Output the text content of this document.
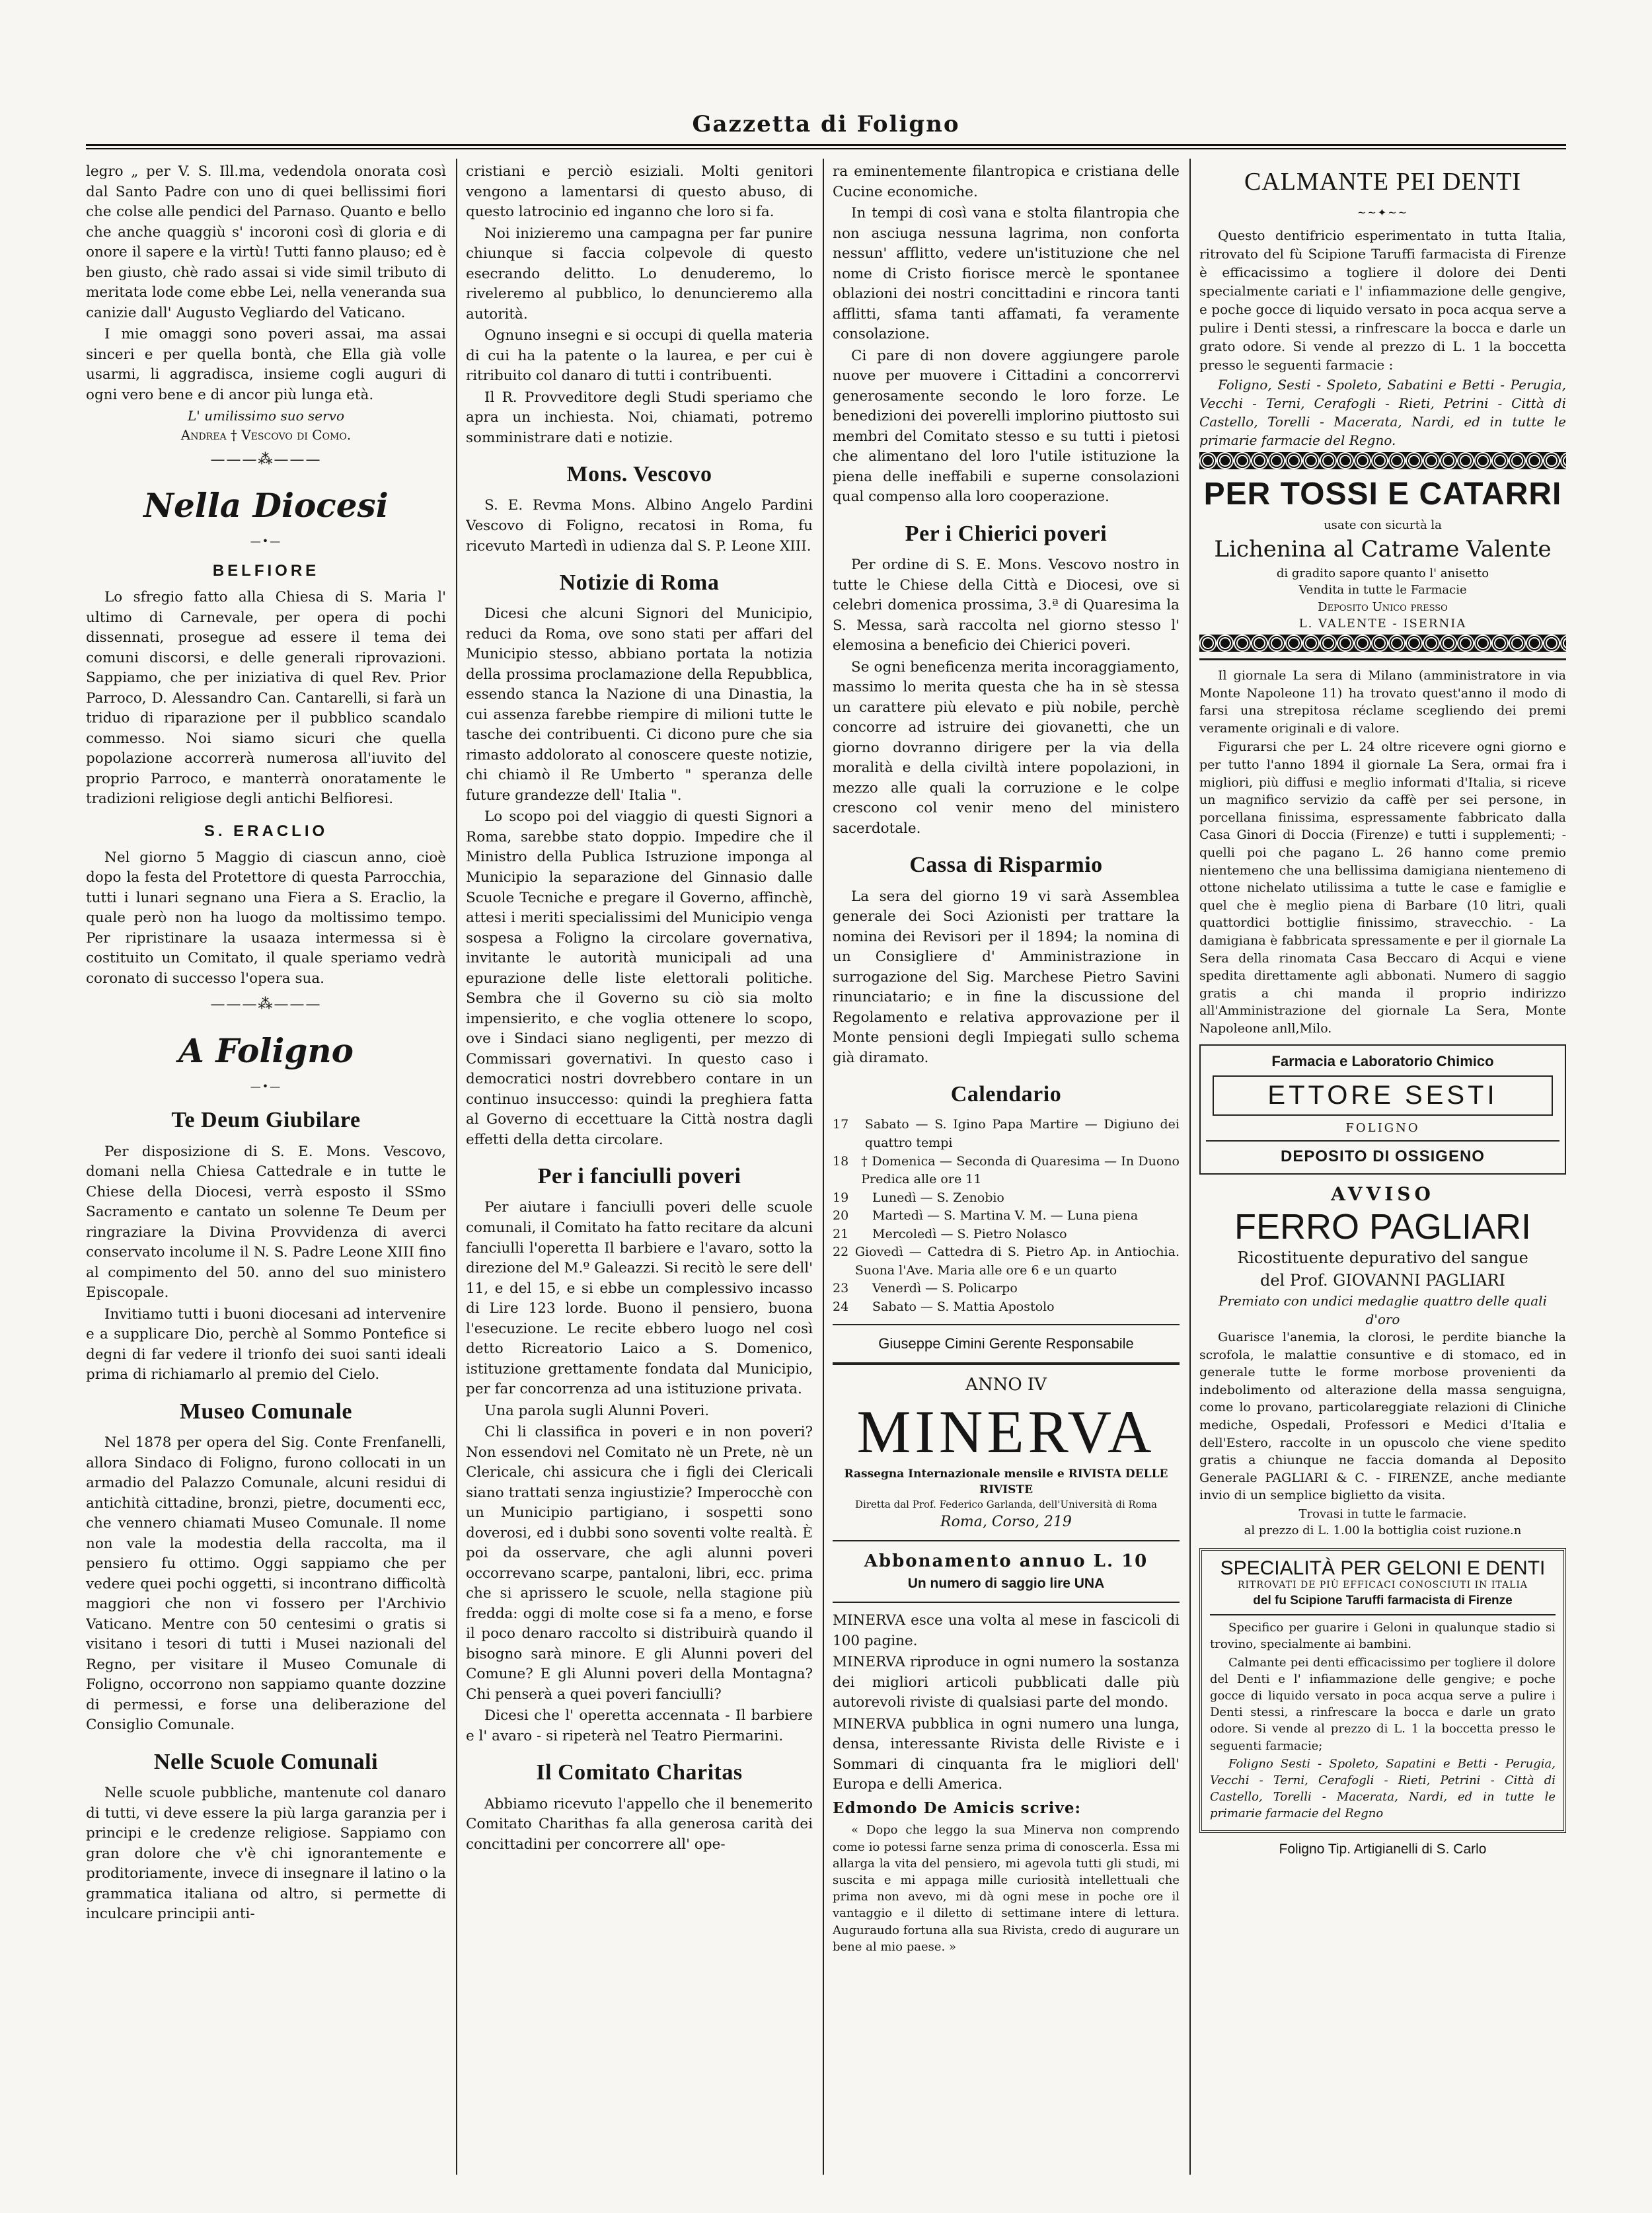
Gazzetta di Foligno

legro „ per V. S. Ill.ma, vedendola onorata così dal Santo Padre con uno di quei bellissimi fiori che colse alle pendici del Parnaso. Quanto e bello che anche quaggiù s' incoroni così di gloria e di onore il sapere e la virtù! Tutti fanno plauso; ed è ben giusto, chè rado assai si vide simil tributo di meritata lode come ebbe Lei, nella veneranda sua canizie dall' Augusto Vegliardo del Vaticano.

I mie omaggi sono poveri assai, ma assai sinceri e per quella bontà, che Ella già volle usarmi, li aggradisca, insieme cogli auguri di ogni vero bene e di ancor più lunga età.

L' umilissimo suo servo
Andrea † Vescovo di Como.
———⁂———
Nella Diocesi
—•—
BELFIORE

Lo sfregio fatto alla Chiesa di S. Maria l' ultimo di Carnevale, per opera di pochi dissennati, prosegue ad essere il tema dei comuni discorsi, e delle generali riprovazioni. Sappiamo, che per iniziativa di quel Rev. Prior Parroco, D. Alessandro Can. Cantarelli, si farà un triduo di riparazione per il pubblico scandalo commesso. Noi siamo sicuri che quella popolazione accorrerà numerosa all'iuvito del proprio Parroco, e manterrà onoratamente le tradizioni religiose degli antichi Belfioresi.

S. ERACLIO

Nel giorno 5 Maggio di ciascun anno, cioè dopo la festa del Protettore di questa Parrocchia, tutti i lunari segnano una Fiera a S. Eraclio, la quale però non ha luogo da moltissimo tempo. Per ripristinare la usaaza intermessa si è costituito un Comitato, il quale speriamo vedrà coronato di successo l'opera sua.

———⁂———
A Foligno
—•—
Te Deum Giubilare

Per disposizione di S. E. Mons. Vescovo, domani nella Chiesa Cattedrale e in tutte le Chiese della Diocesi, verrà esposto il SSmo Sacramento e cantato un solenne Te Deum per ringraziare la Divina Provvidenza di averci conservato incolume il N. S. Padre Leone XIII fino al compimento del 50. anno del suo ministero Episcopale.

Invitiamo tutti i buoni diocesani ad intervenire e a supplicare Dio, perchè al Sommo Pontefice si degni di far vedere il trionfo dei suoi santi ideali prima di richiamarlo al premio del Cielo.

Museo Comunale

Nel 1878 per opera del Sig. Conte Frenfanelli, allora Sindaco di Foligno, furono collocati in un armadio del Palazzo Comunale, alcuni residui di antichità cittadine, bronzi, pietre, documenti ecc, che vennero chiamati Museo Comunale. Il nome non vale la modestia della raccolta, ma il pensiero fu ottimo. Oggi sappiamo che per vedere quei pochi oggetti, si incontrano difficoltà maggiori che non vi fossero per l'Archivio Vaticano. Mentre con 50 centesimi o gratis si visitano i tesori di tutti i Musei nazionali del Regno, per visitare il Museo Comunale di Foligno, occorrono non sappiamo quante dozzine di permessi, e forse una deliberazione del Consiglio Comunale.

Nelle Scuole Comunali

Nelle scuole pubbliche, mantenute col danaro di tutti, vi deve essere la più larga garanzia per i principi e le credenze religiose. Sappiamo con gran dolore che v'è chi ignorantemente e proditoriamente, invece di insegnare il latino o la grammatica italiana od altro, si permette di inculcare principii anti-

cristiani e perciò esiziali. Molti genitori vengono a lamentarsi di questo abuso, di questo latrocinio ed inganno che loro si fa.

Noi inizieremo una campagna per far punire chiunque si faccia colpevole di questo esecrando delitto. Lo denuderemo, lo riveleremo al pubblico, lo denuncieremo alla autorità.

Ognuno insegni e si occupi di quella materia di cui ha la patente o la laurea, e per cui è ritribuito col danaro di tutti i contribuenti.

Il R. Provveditore degli Studi speriamo che apra un inchiesta. Noi, chiamati, potremo somministrare dati e notizie.

Mons. Vescovo

S. E. Revma Mons. Albino Angelo Pardini Vescovo di Foligno, recatosi in Roma, fu ricevuto Martedì in udienza dal S. P. Leone XIII.

Notizie di Roma

Dicesi che alcuni Signori del Municipio, reduci da Roma, ove sono stati per affari del Municipio stesso, abbiano portata la notizia della prossima proclamazione della Repubblica, essendo stanca la Nazione di una Dinastia, la cui assenza farebbe riempire di milioni tutte le tasche dei contribuenti. Ci dicono pure che sia rimasto addolorato al conoscere queste notizie, chi chiamò il Re Umberto " speranza delle future grandezze dell' Italia ".

Lo scopo poi del viaggio di questi Signori a Roma, sarebbe stato doppio. Impedire che il Ministro della Publica Istruzione imponga al Municipio la separazione del Ginnasio dalle Scuole Tecniche e pregare il Governo, affinchè, attesi i meriti specialissimi del Municipio venga sospesa a Foligno la circolare governativa, invitante le autorità municipali ad una epurazione delle liste elettorali politiche. Sembra che il Governo su ciò sia molto impensierito, e che voglia ottenere lo scopo, ove i Sindaci siano negligenti, per mezzo di Commissari governativi. In questo caso i democratici nostri dovrebbero contare in un continuo insuccesso: quindi la preghiera fatta al Governo di eccettuare la Città nostra dagli effetti della detta circolare.

Per i fanciulli poveri

Per aiutare i fanciulli poveri delle scuole comunali, il Comitato ha fatto recitare da alcuni fanciulli l'operetta Il barbiere e l'avaro, sotto la direzione del M.º Galeazzi. Si recitò le sere dell' 11, e del 15, e si ebbe un complessivo incasso di Lire 123 lorde. Buono il pensiero, buona l'esecuzione. Le recite ebbero luogo nel così detto Ricreatorio Laico a S. Domenico, istituzione grettamente fondata dal Municipio, per far concorrenza ad una istituzione privata.

Una parola sugli Alunni Poveri.

Chi li classifica in poveri e in non poveri? Non essendovi nel Comitato nè un Prete, nè un Clericale, chi assicura che i figli dei Clericali siano trattati senza ingiustizie? Imperocchè con un Municipio partigiano, i sospetti sono doverosi, ed i dubbi sono soventi volte realtà. È poi da osservare, che agli alunni poveri occorrevano scarpe, pantaloni, libri, ecc. prima che si aprissero le scuole, nella stagione più fredda: oggi di molte cose si fa a meno, e forse il poco denaro raccolto si distribuirà quando il bisogno sarà minore. E gli Alunni poveri del Comune? E gli Alunni poveri della Montagna? Chi penserà a quei poveri fanciulli?

Dicesi che l' operetta accennata - Il barbiere e l' avaro - si ripeterà nel Teatro Piermarini.

Il Comitato Charitas

Abbiamo ricevuto l'appello che il benemerito Comitato Charithas fa alla generosa carità dei concittadini per concorrere all' ope-

ra eminentemente filantropica e cristiana delle Cucine economiche.

In tempi di così vana e stolta filantropia che non asciuga nessuna lagrima, non conforta nessun' afflitto, vedere un'istituzione che nel nome di Cristo fiorisce mercè le spontanee oblazioni dei nostri concittadini e rincora tanti afflitti, sfama tanti affamati, fa veramente consolazione.

Ci pare di non dovere aggiungere parole nuove per muovere i Cittadini a concorrervi generosamente secondo le loro forze. Le benedizioni dei poverelli implorino piuttosto sui membri del Comitato stesso e su tutti i pietosi che alimentano del loro l'utile istituzione la piena delle ineffabili e superne consolazioni qual compenso alla loro cooperazione.

Per i Chierici poveri

Per ordine di S. E. Mons. Vescovo nostro in tutte le Chiese della Città e Diocesi, ove si celebri domenica prossima, 3.ª di Quaresima la S. Messa, sarà raccolta nel giorno stesso l' elemosina a beneficio dei Chierici poveri.

Se ogni beneficenza merita incoraggiamento, massimo lo merita questa che ha in sè stessa un carattere più elevato e più nobile, perchè concorre ad istruire dei giovanetti, che un giorno dovranno dirigere per la via della moralità e della civiltà intere popolazioni, in mezzo alle quali la corruzione e le colpe crescono col venir meno del ministero sacerdotale.

Cassa di Risparmio

La sera del giorno 19 vi sarà Assemblea generale dei Soci Azionisti per trattare la nomina dei Revisori per il 1894; la nomina di un Consigliere d' Amministrazione in surrogazione del Sig. Marchese Pietro Savini rinunciatario; e in fine la discussione del Regolamento e relativa approvazione per il Monte pensioni degli Impiegati sullo schema già diramato.

Calendario
17	Sabato — S. Igino Papa Martire — Digiuno dei quattro tempi
18	† Domenica — Seconda di Quaresima — In Duono Predica alle ore 11
19	Lunedì — S. Zenobio
20	Martedì — S. Martina V. M. — Luna piena
21	Mercoledì — S. Pietro Nolasco
22 Giovedì — Cattedra di S. Pietro Ap. in Antiochia. Suona l'Ave. Maria alle ore 6 e un quarto
23	Venerdì — S. Policarpo
24	Sabato — S. Mattia Apostolo
Giuseppe Cimini Gerente Responsabile
ANNO IV
MINERVA
Rassegna Internazionale mensile e RIVISTA DELLE RIVISTE
Diretta dal Prof. Federico Garlanda, dell'Università di Roma
Roma, Corso, 219
Abbonamento annuo L. 10
Un numero di saggio lire UNA

MINERVA esce una volta al mese in fascicoli di 100 pagine.

MINERVA riproduce in ogni numero la sostanza dei migliori articoli pubblicati dalle più autorevoli riviste di qualsiasi parte del mondo.

MINERVA pubblica in ogni numero una lunga, densa, interessante Rivista delle Riviste e i Sommari di cinquanta fra le migliori dell' Europa e delli America.

Edmondo De Amicis scrive:

« Dopo che leggo la sua Minerva non comprendo come io potessi farne senza prima di conoscerla. Essa mi allarga la vita del pensiero, mi agevola tutti gli studi, mi suscita e mi appaga mille curiosità intellettuali che prima non avevo, mi dà ogni mese in poche ore il vantaggio e il diletto di settimane intere di lettura. Auguraudo fortuna alla sua Rivista, credo di augurare un bene al mio paese. »

CALMANTE PEI DENTI
~~✦~~

Questo dentifricio esperimentato in tutta Italia, ritrovato del fù Scipione Taruffi farmacista di Firenze è efficacissimo a togliere il dolore dei Denti specialmente cariati e l' infiammazione delle gengive, e poche gocce di liquido versato in poca acqua serve a pulire i Denti stessi, a rinfrescare la bocca e darle un grato odore. Si vende al prezzo di L. 1 la boccetta presso le seguenti farmacie :

Foligno, Sesti - Spoleto, Sabatini e Betti - Perugia, Vecchi - Terni, Cerafogli - Rieti, Petrini - Città di Castello, Torelli - Macerata, Nardi, ed in tutte le primarie farmacie del Regno.

PER TOSSI E CATARRI
usate con sicurtà la
Lichenina al Catrame Valente
di gradito sapore quanto l' anisetto
Vendita in tutte le Farmacie
Deposito Unico presso
L. VALENTE - ISERNIA

Il giornale La sera di Milano (amministratore in via Monte Napoleone 11) ha trovato quest'anno il modo di farsi una strepitosa réclame scegliendo dei premi veramente originali e di valore.

Figurarsi che per L. 24 oltre ricevere ogni giorno e per tutto l'anno 1894 il giornale La Sera, ormai fra i migliori, più diffusi e meglio informati d'Italia, si riceve un magnifico servizio da caffè per sei persone, in porcellana finissima, espressamente fabbricato dalla Casa Ginori di Doccia (Firenze) e tutti i supplementi; - quelli poi che pagano L. 26 hanno come premio nientemeno che una bellissima damigiana nientemeno di ottone nichelato utilissima a tutte le case e famiglie e quel che è meglio piena di Barbare (10 litri, quali quattordici bottiglie finissimo, stravecchio. - La damigiana è fabbricata spressamente e per il giornale La Sera della rinomata Casa Beccaro di Acqui e viene spedita direttamente agli abbonati. Numero di saggio gratis a chi manda il proprio indirizzo all'Amministrazione del giornale La Sera, Monte Napoleone anll,Milo.

Farmacia e Laboratorio Chimico
ETTORE SESTI
FOLIGNO
DEPOSITO DI OSSIGENO
AVVISO
FERRO PAGLIARI
Ricostituente depurativo del sangue
del Prof. GIOVANNI PAGLIARI
Premiato con undici medaglie quattro delle quali d'oro

Guarisce l'anemia, la clorosi, le perdite bianche la scrofola, le malattie consuntive e di stomaco, ed in generale tutte le forme morbose provenienti da indebolimento od alterazione della massa senguigna, come lo provano, particolareggiate relazioni di Cliniche mediche, Ospedali, Professori e Medici d'Italia e dell'Estero, raccolte in un opuscolo che viene spedito gratis a chiunque ne faccia domanda al Deposito Generale PAGLIARI & C. - FIRENZE, anche mediante invio di un semplice biglietto da visita.

Trovasi in tutte le farmacie.
al prezzo di L. 1.00 la bottiglia coist ruzione.n
SPECIALITÀ PER GELONI E DENTI
RITROVATI DE PIÙ EFFICACI CONOSCIUTI IN ITALIA
del fu Scipione Taruffi farmacista di Firenze

Specifico per guarire i Geloni in qualunque stadio si trovino, specialmente ai bambini.

Calmante pei denti efficacissimo per togliere il dolore del Denti e l' infiammazione delle gengive; e poche gocce di liquido versato in poca acqua serve a pulire i Denti stessi, a rinfrescare la bocca e darle un grato odore. Si vende al prezzo di L. 1 la boccetta presso le seguenti farmacie;

Foligno Sesti - Spoleto, Sapatini e Betti - Perugia, Vecchi - Terni, Cerafogli - Rieti, Petrini - Città di Castello, Torelli - Macerata, Nardi, ed in tutte le primarie farmacie del Regno

Foligno Tip. Artigianelli di S. Carlo
